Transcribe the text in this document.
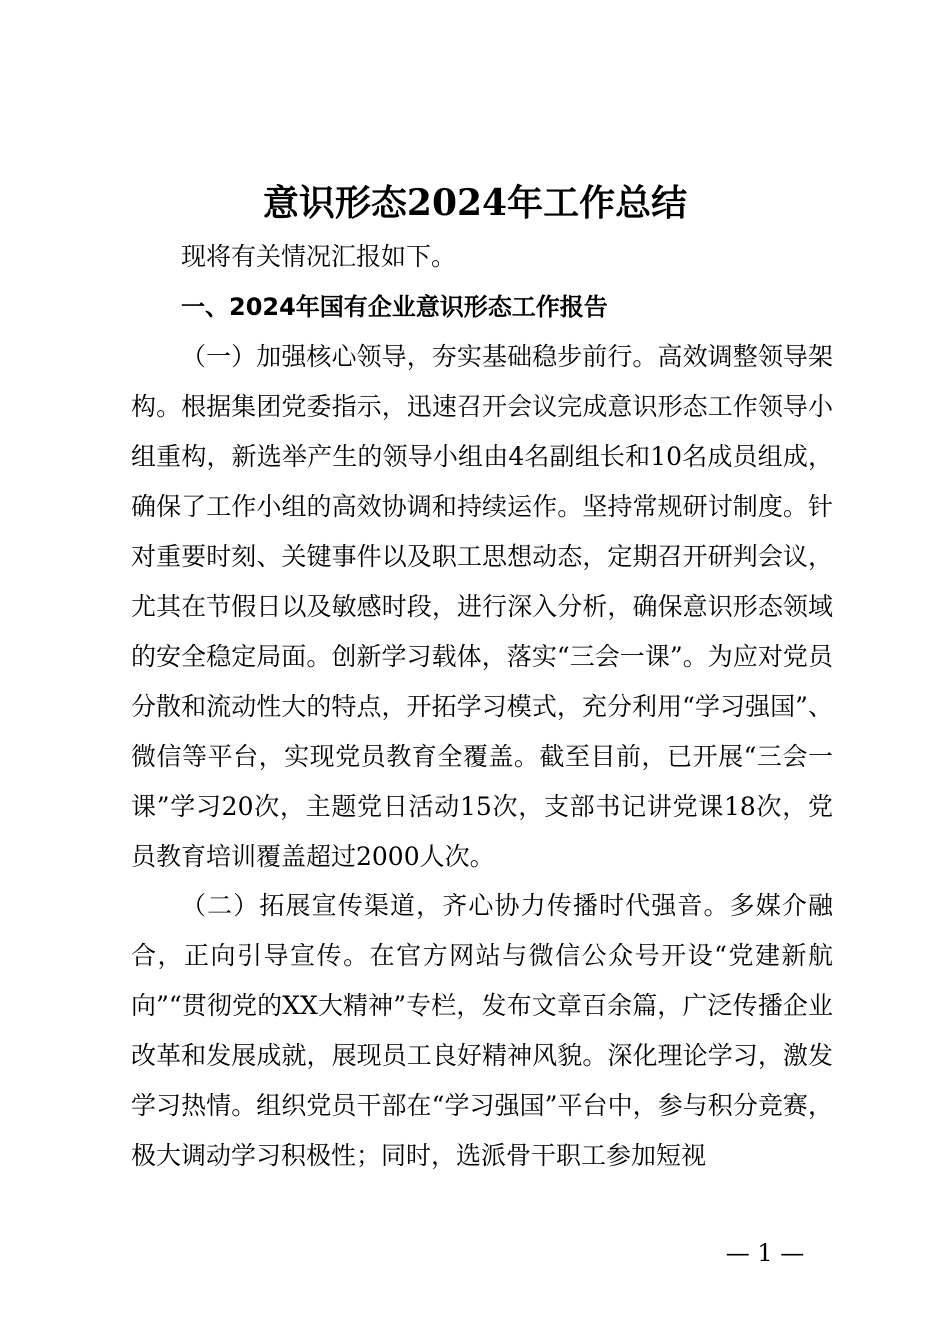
意识形态2024年工作总结

现将有关情况汇报如下。

一、2024年国有企业意识形态工作报告

（一）加强核心领导，夯实基础稳步前行。高效调整领导架构。根据集团党委指示，迅速召开会议完成意识形态工作领导小组重构，新选举产生的领导小组由4名副组长和10名成员组成，确保了工作小组的高效协调和持续运作。坚持常规研讨制度。针对重要时刻、关键事件以及职工思想动态，定期召开研判会议，尤其在节假日以及敏感时段，进行深入分析，确保意识形态领域的安全稳定局面。创新学习载体，落实“三会一课”。为应对党员分散和流动性大的特点，开拓学习模式，充分利用“学习强国”、微信等平台，实现党员教育全覆盖。截至目前，已开展“三会一课”学习20次，主题党日活动15次，支部书记讲党课18次，党员教育培训覆盖超过2000人次。

（二）拓展宣传渠道，齐心协力传播时代强音。多媒介融合，正向引导宣传。在官方网站与微信公众号开设“党建新航向”“贯彻党的XX大精神”专栏，发布文章百余篇，广泛传播企业改革和发展成就，展现员工良好精神风貌。深化理论学习，激发学习热情。组织党员干部在“学习强国”平台中，参与积分竞赛，极大调动学习积极性；同时，选派骨干职工参加短视

— 1 —
